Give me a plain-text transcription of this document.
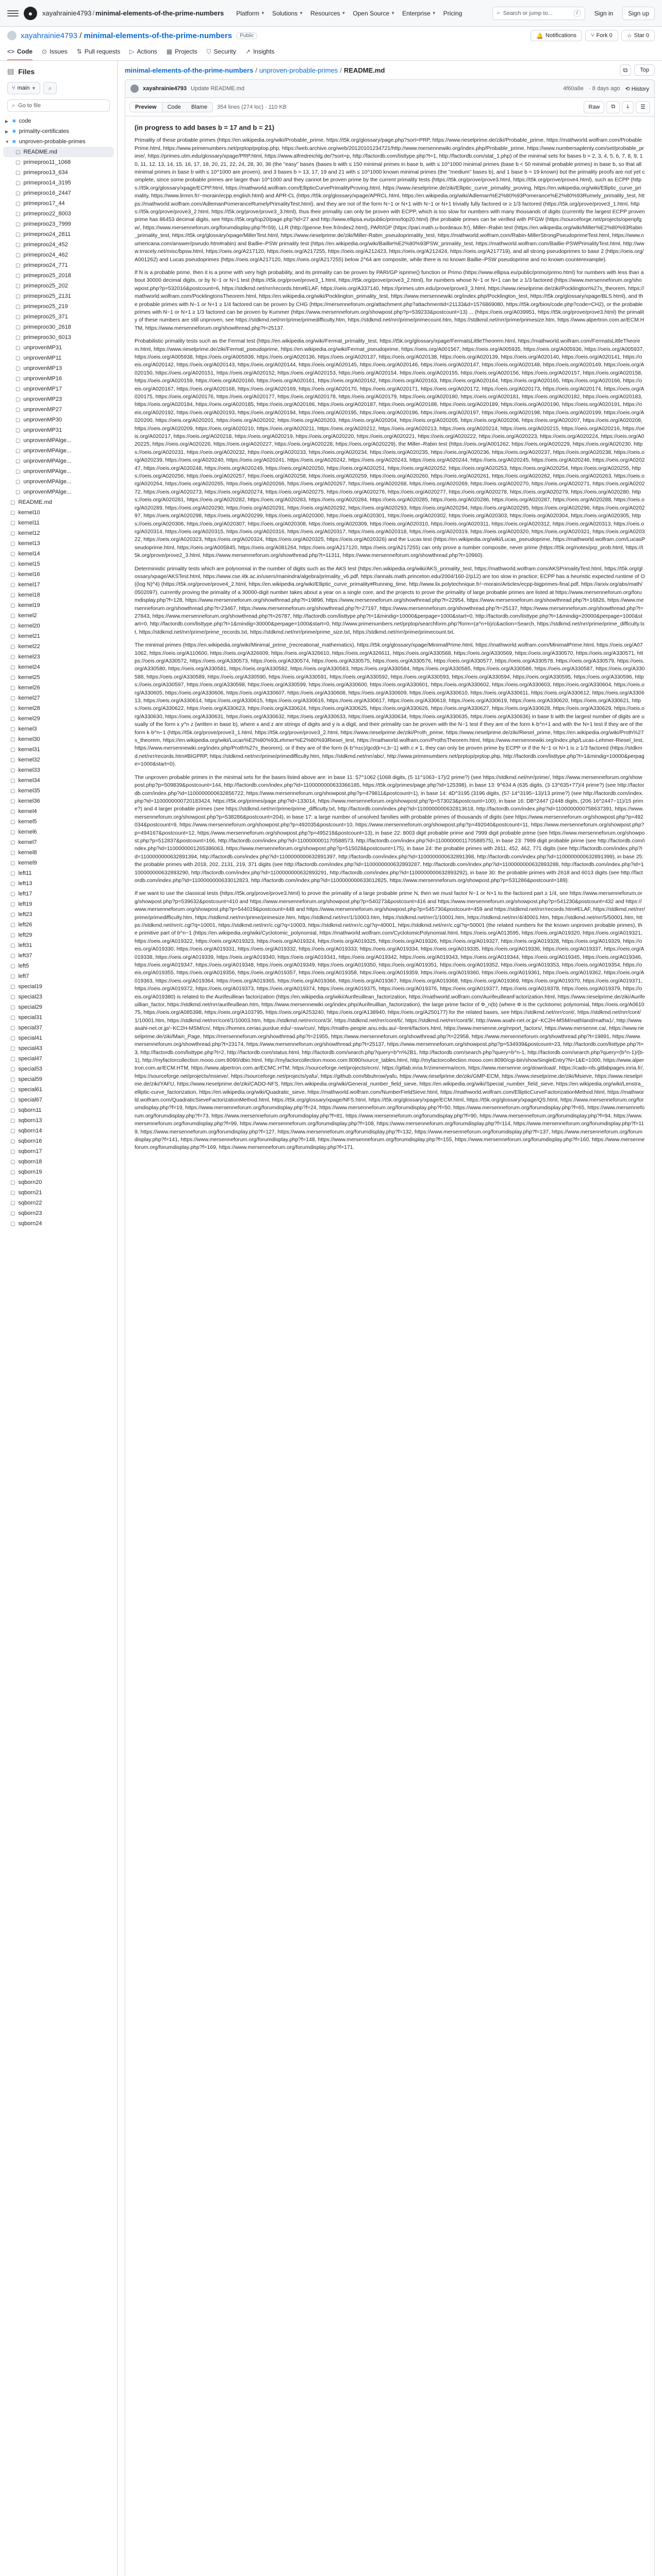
●	xayahrainie4793 / minimal-elements-of-the-prime-numbers Platform ▼ Solutions ▼ Resources ▼ Open Source ▼ Enterprise ▼ Pricing	⌕ Search or jump to...	/	Sign in	Sign up
xayahrainie4793 / minimal-elements-of-the-prime-numbers	Public	🔔 Notifications	⑂ Fork 0	☆ Star 0
<> Code ⊙ Issues ⇅ Pull requests ▷ Actions ▦ Projects ⛉ Security ↗ Insights
▤ Files
⑂ main ▼ ⌕
⌕ Go to file
▶ ■ code
▶ ■ primality-certificates
▼ ■ unproven-probable-primes
▢ README.md
▢ primeproo11_1068
▢ primeproo13_634
▢ primeproo14_3195
▢ primeproo16_2447
▢ primeproo17_44
▢ primeproo22_8003
▢ primeproo23_7999
▢ primeproo24_2811
▢ primeproo24_452
▢ primeproo24_462
▢ primeproo24_771
▢ primeproo25_2018
▢ primeproo25_202
▢ primeproo25_2131
▢ primeproo25_219
▢ primeproo25_371
▢ primeproo30_2618
▢ primeproo30_6013
▢ unprovenMP31
▢ unprovenMP11
▢ unprovenMP13
▢ unprovenMP16
▢ unprovenMP17
▢ unprovenMP23
▢ unprovenMP27
▢ unprovenMP30
▢ unprovenMP31
▢ unprovenMPAlge...
▢ unprovenMPAlge...
▢ unprovenMPAlge...
▢ unprovenMPAlge...
▢ unprovenMPAlge...
▢ unprovenMPAlge...
▢ README.md
▢ kernel10
▢ kernel11
▢ kernel12
▢ kernel13
▢ kernel14
▢ kernel15
▢ kernel16
▢ kernel17
▢ kernel18
▢ kernel19
▢ kernel2
▢ kernel20
▢ kernel21
▢ kernel22
▢ kernel23
▢ kernel24
▢ kernel25
▢ kernel26
▢ kernel27
▢ kernel28
▢ kernel29
▢ kernel3
▢ kernel30
▢ kernel31
▢ kernel32
▢ kernel33
▢ kernel34
▢ kernel35
▢ kernel36
▢ kernel4
▢ kernel5
▢ kernel6
▢ kernel7
▢ kernel8
▢ kernel9
▢ left11
▢ left13
▢ left17
▢ left19
▢ left23
▢ left26
▢ left29
▢ left31
▢ left37
▢ left5
▢ left7
▢ special19
▢ special23
▢ special29
▢ special31
▢ special37
▢ special41
▢ special43
▢ special47
▢ special53
▢ special59
▢ special61
▢ special67
▢ sqborn11
▢ sqborn13
▢ sqborn14
▢ sqborn16
▢ sqborn17
▢ sqborn18
▢ sqborn19
▢ sqborn20
▢ sqborn21
▢ sqborn22
▢ sqborn23
▢ sqborn24
minimal-elements-of-the-prime-numbers / unproven-probable-primes / README.md	⧉ Top
xayahrainie4793 Update README.md	4f60a8e · 8 days ago ⟲ History
Preview	Code	Blame	354 lines (274 loc) · 110 KB	Raw	⧉ ⤓ ☰
(in progress to add bases b = 17 and b = 21)

Primality of these probable primes (https://en.wikipedia.org/wiki/Probable_prime, https://t5k.org/glossary/page.php?sort=PRP, https://www.rieselprime.de/ziki/Probable_prime, https://mathworld.wolfram.com/ProbablePrime.html, https://www.primenumbers.net/prptop/prptop.php, https://web.archive.org/web/20120101234721/http://www.mersennewiki.org/index.php/Probable_prime, https://www.numbersaplenty.com/set/probable_prime/, https://primes.utm.edu/glossary/xpage/PRP.html, https://www.alfredreichlg.de/?sort=p, http://factordb.com/listtype.php?t=1, http://factordb.com/stat_1.php) of the minimal sets for bases b = 2, 3, 4, 5, 6, 7, 8, 9, 10, 11, 12, 13, 14, 15, 16, 17, 18, 20, 21, 22, 24, 28, 30, 36 (the "easy" bases (bases b with ≤ 150 minimal primes in base b, with ≤ 10^1000 minimal primes (base b < 50 minimal probable primes) in base b, so that all minimal primes in base b with ≤ 10^1000 are proven), and 3 bases b = 13, 17, 19 and 21 with ≤ 10^1000 known minimal primes (the "medium" bases b), and 1 base b = 19 known) but the primality proofs are not yet complete, since some probable primes are larger than 10^1000 and they cannot be proven prime by the current primality tests (https://t5k.org/prove/prove3.html, https://t5k.org/prove/prove4.html), such as ECPP (https://t5k.org/glossary/xpage/ECPP.html, https://mathworld.wolfram.com/EllipticCurvePrimalityProving.html, https://www.rieselprime.de/ziki/Elliptic_curve_primality_proving, https://en.wikipedia.org/wiki/Elliptic_curve_primality, https://www.lirmm.fr/~morain/ecpp.english.html) and APR-CL (https://t5k.org/glossary/xpage/APRCL.html, https://en.wikipedia.org/wiki/Adleman%E2%80%93Pomerance%E2%80%93Rumely_primality_test, https://mathworld.wolfram.com/AdlemanPomeranceRumelyPrimalityTest.html), and they are not of the form N−1 or N+1 with N−1 or N+1 trivially fully factored or ≥ 1/3 factored (https://t5k.org/prove/prove3_1.html, https://t5k.org/prove/prove3_2.html, https://t5k.org/prove/prove3_3.html), thus their primality can only be proven with ECPP, which is too slow for numbers with many thousands of digits (currently the largest ECPP proven prime has 86453 decimal digits, see https://t5k.org/top20/page.php?id=27 and http://www.ellipsa.eu/public/primo/top20.html) (the probable primes can be verified with PFGW (https://sourceforge.net/projects/openpfgw/, https://www.mersenneforum.org/forumdisplay.php?f=59), LLR (http://jpenne.free.fr/index2.html), PARI/GP (https://pari.math.u-bordeaux.fr/), Miller–Rabin test (https://en.wikipedia.org/wiki/Miller%E2%80%93Rabin_primality_test, https://t5k.org/glossary/xpage/MillerTest.html, https://www.rieselprime.de/ziki/Miller-Rabin_pseudoprimality_test, https://mathworld.wolfram.com/Rabin-MillerStrongPseudoprimeTest.html, https://www.numericana.com/answer/pseudo.htm#rabin) and Baillie–PSW primality test (https://en.wikipedia.org/wiki/Baillie%E2%80%93PSW_primality_test, https://mathworld.wolfram.com/Baillie-PSWPrimalityTest.html, http://www.trnicely.net/misc/bpsw.html, https://oeis.org/A217120, https://oeis.org/A217255, https://oeis.org/A212423, https://oeis.org/A212424, https://oeis.org/A217719), and all strong pseudoprimes to base 2 (https://oeis.org/A001262) and Lucas pseudoprimes (https://oeis.org/A217120, https://oeis.org/A217255) below 2^64 are composite, while there is no known Baillie–PSW pseudoprime and no known counterexample).

If N is a probable prime, then it is a prime with very high probability, and its primality can be proven by PARI/GP isprime() function or Primo (https://www.ellipsa.eu/public/primo/primo.html) for numbers with less than about 30000 decimal digits, or by N−1 or N+1 test (https://t5k.org/prove/prove3_1.html, https://t5k.org/prove/prove3_2.html), for numbers whose N−1 or N+1 can be ≥ 1/3 factored (https://www.mersenneforum.org/showpost.php?p=532016&postcount=6, https://stdkmd.net/nrr/records.htm#ELAF, https://oeis.org/A337140, https://primes.utm.edu/prove/prove3_3.html, https://www.rieselprime.de/ziki/Pocklington%27s_theorem, https://mathworld.wolfram.com/PocklingtonsTheorem.html, https://en.wikipedia.org/wiki/Pocklington_primality_test, https://www.mersennewiki.org/index.php/Pocklington_test, https://t5k.org/glossary/xpage/BLS.html), and the probable primes with N−1 or N+1 ≥ 1/4 factored can be proven by CHG (https://mersenneforum.org/attachment.php?attachmentid=21133&d=1576869080, https://t5k.org/bios/code.php?code=CH2), or the probable primes with N−1 or N+1 ≥ 1/3 factored can be proven by Kummer (https://www.mersenneforum.org/showpost.php?p=539233&postcount=13) ... (https://oeis.org/A039951, https://t5k.org/prove/prove3.html) the primality of these numbers are still unproven, see https://stdkmd.net/nrr/prime/primedifficulty.htm, https://stdkmd.net/nrr/prime/primecount.htm, https://stdkmd.net/nrr/prime/primesize.htm, https://www.alpertron.com.ar/ECM.HTM, https://www.mersenneforum.org/showthread.php?t=25137.

Probabilistic primality tests such as the Fermat test (https://en.wikipedia.org/wiki/Fermat_primality_test, https://t5k.org/glossary/xpage/FermatsLittleTheorem.html, https://mathworld.wolfram.com/FermatsLittleTheorem.html, https://www.rieselprime.de/ziki/Fermat_pseudoprime, https://en.wikipedia.org/wiki/Fermat_pseudoprime, https://oeis.org/A001567, https://oeis.org/A005935, https://oeis.org/A005936, https://oeis.org/A005937, https://oeis.org/A005938, https://oeis.org/A005939, https://oeis.org/A020136, https://oeis.org/A020137, https://oeis.org/A020138, https://oeis.org/A020139, https://oeis.org/A020140, https://oeis.org/A020141, https://oeis.org/A020142, https://oeis.org/A020143, https://oeis.org/A020144, https://oeis.org/A020145, https://oeis.org/A020146, https://oeis.org/A020147, https://oeis.org/A020148, https://oeis.org/A020149, https://oeis.org/A020150, https://oeis.org/A020151, https://oeis.org/A020152, https://oeis.org/A020153, https://oeis.org/A020154, https://oeis.org/A020155, https://oeis.org/A020156, https://oeis.org/A020157, https://oeis.org/A020158, https://oeis.org/A020159, https://oeis.org/A020160, https://oeis.org/A020161, https://oeis.org/A020162, https://oeis.org/A020163, https://oeis.org/A020164, https://oeis.org/A020165, https://oeis.org/A020166, https://oeis.org/A020167, https://oeis.org/A020168, https://oeis.org/A020169, https://oeis.org/A020170, https://oeis.org/A020171, https://oeis.org/A020172, https://oeis.org/A020173, https://oeis.org/A020174, https://oeis.org/A020175, https://oeis.org/A020176, https://oeis.org/A020177, https://oeis.org/A020178, https://oeis.org/A020179, https://oeis.org/A020180, https://oeis.org/A020181, https://oeis.org/A020182, https://oeis.org/A020183, https://oeis.org/A020184, https://oeis.org/A020185, https://oeis.org/A020186, https://oeis.org/A020187, https://oeis.org/A020188, https://oeis.org/A020189, https://oeis.org/A020190, https://oeis.org/A020191, https://oeis.org/A020192, https://oeis.org/A020193, https://oeis.org/A020194, https://oeis.org/A020195, https://oeis.org/A020196, https://oeis.org/A020197, https://oeis.org/A020198, https://oeis.org/A020199, https://oeis.org/A020200, https://oeis.org/A020201, https://oeis.org/A020202, https://oeis.org/A020203, https://oeis.org/A020204, https://oeis.org/A020205, https://oeis.org/A020206, https://oeis.org/A020207, https://oeis.org/A020208, https://oeis.org/A020209, https://oeis.org/A020210, https://oeis.org/A020211, https://oeis.org/A020212, https://oeis.org/A020213, https://oeis.org/A020214, https://oeis.org/A020215, https://oeis.org/A020216, https://oeis.org/A020217, https://oeis.org/A020218, https://oeis.org/A020219, https://oeis.org/A020220, https://oeis.org/A020221, https://oeis.org/A020222, https://oeis.org/A020223, https://oeis.org/A020224, https://oeis.org/A020225, https://oeis.org/A020226, https://oeis.org/A020227, https://oeis.org/A020228, https://oeis.org/A020229), the Miller–Rabin test (https://oeis.org/A001262, https://oeis.org/A020229, https://oeis.org/A020230, https://oeis.org/A020231, https://oeis.org/A020232, https://oeis.org/A020233, https://oeis.org/A020234, https://oeis.org/A020235, https://oeis.org/A020236, https://oeis.org/A020237, https://oeis.org/A020238, https://oeis.org/A020239, https://oeis.org/A020240, https://oeis.org/A020241, https://oeis.org/A020242, https://oeis.org/A020243, https://oeis.org/A020244, https://oeis.org/A020245, https://oeis.org/A020246, https://oeis.org/A020247, https://oeis.org/A020248, https://oeis.org/A020249, https://oeis.org/A020250, https://oeis.org/A020251, https://oeis.org/A020252, https://oeis.org/A020253, https://oeis.org/A020254, https://oeis.org/A020255, https://oeis.org/A020256, https://oeis.org/A020257, https://oeis.org/A020258, https://oeis.org/A020259, https://oeis.org/A020260, https://oeis.org/A020261, https://oeis.org/A020262, https://oeis.org/A020263, https://oeis.org/A020264, https://oeis.org/A020265, https://oeis.org/A020266, https://oeis.org/A020267, https://oeis.org/A020268, https://oeis.org/A020269, https://oeis.org/A020270, https://oeis.org/A020271, https://oeis.org/A020272, https://oeis.org/A020273, https://oeis.org/A020274, https://oeis.org/A020275, https://oeis.org/A020276, https://oeis.org/A020277, https://oeis.org/A020278, https://oeis.org/A020279, https://oeis.org/A020280, https://oeis.org/A020281, https://oeis.org/A020282, https://oeis.org/A020283, https://oeis.org/A020284, https://oeis.org/A020285, https://oeis.org/A020286, https://oeis.org/A020287, https://oeis.org/A020288, https://oeis.org/A020289, https://oeis.org/A020290, https://oeis.org/A020291, https://oeis.org/A020292, https://oeis.org/A020293, https://oeis.org/A020294, https://oeis.org/A020295, https://oeis.org/A020296, https://oeis.org/A020297, https://oeis.org/A020298, https://oeis.org/A020299, https://oeis.org/A020300, https://oeis.org/A020301, https://oeis.org/A020302, https://oeis.org/A020303, https://oeis.org/A020304, https://oeis.org/A020305, https://oeis.org/A020306, https://oeis.org/A020307, https://oeis.org/A020308, https://oeis.org/A020309, https://oeis.org/A020310, https://oeis.org/A020311, https://oeis.org/A020312, https://oeis.org/A020313, https://oeis.org/A020314, https://oeis.org/A020315, https://oeis.org/A020316, https://oeis.org/A020317, https://oeis.org/A020318, https://oeis.org/A020319, https://oeis.org/A020320, https://oeis.org/A020321, https://oeis.org/A020322, https://oeis.org/A020323, https://oeis.org/A020324, https://oeis.org/A020325, https://oeis.org/A020326) and the Lucas test (https://en.wikipedia.org/wiki/Lucas_pseudoprime, https://mathworld.wolfram.com/LucasPseudoprime.html, https://oeis.org/A005845, https://oeis.org/A081264, https://oeis.org/A217120, https://oeis.org/A217255) can only prove a number composite, never prime (https://t5k.org/notes/prp_prob.html, https://t5k.org/prove/prove2_3.html, https://www.mersenneforum.org/showthread.php?t=11311, https://www.mersenneforum.org/showthread.php?t=10960).

Deterministic primality tests which are polynomial in the number of digits such as the AKS test (https://en.wikipedia.org/wiki/AKS_primality_test, https://mathworld.wolfram.com/AKSPrimalityTest.html, https://t5k.org/glossary/xpage/AKSTest.html, https://www.cse.iitk.ac.in/users/manindra/algebra/primality_v6.pdf, https://annals.math.princeton.edu/2004/160-2/p12) are too slow in practice; ECPP has a heuristic expected runtime of O((log N)^4) (https://t5k.org/prove/prove4_2.html, https://en.wikipedia.org/wiki/Elliptic_curve_primality#Running_time, http://www.lix.polytechnique.fr/~morain/Articles/ecpp-bigprimes-final.pdf, https://arxiv.org/abs/math/0502097), currently proving the primality of a 30000-digit number takes about a year on a single core, and the projects to prove the primality of large probable primes are listed at https://www.mersenneforum.org/forumdisplay.php?f=128, https://www.mersenneforum.org/showthread.php?t=19896, https://www.mersenneforum.org/showthread.php?t=22954, https://www.mersenneforum.org/showthread.php?t=16826, https://www.mersenneforum.org/showthread.php?t=23467, https://www.mersenneforum.org/showthread.php?t=27197, https://www.mersenneforum.org/showthread.php?t=25137, https://www.mersenneforum.org/showthread.php?t=27843, https://www.mersenneforum.org/showthread.php?t=26787, http://factordb.com/listtype.php?t=1&mindig=10000&perpage=1000&start=0, http://factordb.com/listtype.php?t=1&mindig=20000&perpage=1000&start=0, http://factordb.com/listtype.php?t=1&mindig=30000&perpage=1000&start=0, http://www.primenumbers.net/prptop/searchform.php?form=(a^n+b)/c&action=Search, https://stdkmd.net/nrr/prime/prime_difficulty.txt, https://stdkmd.net/nrr/prime/prime_records.txt, https://stdkmd.net/nrr/prime/prime_size.txt, https://stdkmd.net/nrr/prime/primecount.txt.

The minimal primes (https://en.wikipedia.org/wiki/Minimal_prime_(recreational_mathematics), https://t5k.org/glossary/xpage/MinimalPrime.html, https://mathworld.wolfram.com/MinimalPrime.html, https://oeis.org/A071062, https://oeis.org/A110600, https://oeis.org/A326609, https://oeis.org/A326610, https://oeis.org/A326611, https://oeis.org/A330568, https://oeis.org/A330569, https://oeis.org/A330570, https://oeis.org/A330571, https://oeis.org/A330572, https://oeis.org/A330573, https://oeis.org/A330574, https://oeis.org/A330575, https://oeis.org/A330576, https://oeis.org/A330577, https://oeis.org/A330578, https://oeis.org/A330579, https://oeis.org/A330580, https://oeis.org/A330581, https://oeis.org/A330582, https://oeis.org/A330583, https://oeis.org/A330584, https://oeis.org/A330585, https://oeis.org/A330586, https://oeis.org/A330587, https://oeis.org/A330588, https://oeis.org/A330589, https://oeis.org/A330590, https://oeis.org/A330591, https://oeis.org/A330592, https://oeis.org/A330593, https://oeis.org/A330594, https://oeis.org/A330595, https://oeis.org/A330596, https://oeis.org/A330597, https://oeis.org/A330598, https://oeis.org/A330599, https://oeis.org/A330600, https://oeis.org/A330601, https://oeis.org/A330602, https://oeis.org/A330603, https://oeis.org/A330604, https://oeis.org/A330605, https://oeis.org/A330606, https://oeis.org/A330607, https://oeis.org/A330608, https://oeis.org/A330609, https://oeis.org/A330610, https://oeis.org/A330611, https://oeis.org/A330612, https://oeis.org/A330613, https://oeis.org/A330614, https://oeis.org/A330615, https://oeis.org/A330616, https://oeis.org/A330617, https://oeis.org/A330618, https://oeis.org/A330619, https://oeis.org/A330620, https://oeis.org/A330621, https://oeis.org/A330622, https://oeis.org/A330623, https://oeis.org/A330624, https://oeis.org/A330625, https://oeis.org/A330626, https://oeis.org/A330627, https://oeis.org/A330628, https://oeis.org/A330629, https://oeis.org/A330630, https://oeis.org/A330631, https://oeis.org/A330632, https://oeis.org/A330633, https://oeis.org/A330634, https://oeis.org/A330635, https://oeis.org/A330636) in base b with the largest number of digits are usually of the form x y^n z (written in base b), where x and z are strings of digits and y is a digit, and their primality can be proven with the N−1 test if they are of the form k·b^n+1 and with the N+1 test if they are of the form k·b^n−1 (https://t5k.org/prove/prove3_1.html, https://t5k.org/prove/prove3_2.html, https://www.rieselprime.de/ziki/Proth_prime, https://www.rieselprime.de/ziki/Riesel_prime, https://en.wikipedia.org/wiki/Proth%27s_theorem, https://en.wikipedia.org/wiki/Lucas%E2%80%93Lehmer%E2%80%93Riesel_test, https://mathworld.wolfram.com/ProthsTheorem.html, https://www.mersennewiki.org/index.php/Lucas-Lehmer-Riesel_test, https://www.mersennewiki.org/index.php/Proth%27s_theorem), or if they are of the form (k·b^n±c)/gcd(k+c,b−1) with c ≠ 1, they can only be proven prime by ECPP or if the N−1 or N+1 is ≥ 1/3 factored (https://stdkmd.net/nrr/records.htm#BIGPRP, https://stdkmd.net/nrr/prime/primedifficulty.htm, https://stdkmd.net/nrr/abc/, http://www.primenumbers.net/prptop/prptop.php, http://factordb.com/listtype.php?t=1&mindig=10000&perpage=1000&start=0).

The unproven probable primes in the minimal sets for the bases listed above are: in base 11: 57^1062 (1068 digits, (5·11^1063−17)/2 prime?) (see https://stdkmd.net/nrr/prime/, https://www.mersenneforum.org/showpost.php?p=509839&postcount=144, http://factordb.com/index.php?id=1100000000633366185, https://t5k.org/primes/page.php?id=125398), in base 13: 9^634 A (635 digits, (3·13^635+77)/4 prime?) (see http://factordb.com/index.php?id=1100000000632856722, https://www.mersenneforum.org/showpost.php?p=479811&postcount=1), in base 14: 4D^3195 (3196 digits, (57·14^3195−13)/13 prime?) (see http://factordb.com/index.php?id=1100000000720183424, https://t5k.org/primes/page.php?id=133014, https://www.mersenneforum.org/showpost.php?p=573023&postcount=100), in base 16: DB^2447 (2448 digits, (206·16^2447−11)/15 prime?) and 4 larger probable primes (see https://stdkmd.net/nrr/prime/prime_difficulty.txt, http://factordb.com/index.php?id=1100000000632813618, http://factordb.com/index.php?id=1100000000758637391, https://www.mersenneforum.org/showpost.php?p=538286&postcount=204), in base 17: a large number of unsolved families with probable primes of thousands of digits (see https://www.mersenneforum.org/showpost.php?p=492034&postcount=9, https://www.mersenneforum.org/showpost.php?p=492035&postcount=10, https://www.mersenneforum.org/showpost.php?p=492040&postcount=11, https://www.mersenneforum.org/showpost.php?p=494167&postcount=12, https://www.mersenneforum.org/showpost.php?p=495218&postcount=13), in base 22: 8003 digit probable prime and 7999 digit probable prime (see https://www.mersenneforum.org/showpost.php?p=512837&postcount=166, http://factordb.com/index.php?id=1100000001170588573, http://factordb.com/index.php?id=1100000001170588575), in base 23: 7999 digit probable prime (see http://factordb.com/index.php?id=1100000001265386063, https://www.mersenneforum.org/showpost.php?p=515028&postcount=175), in base 24: the probable primes with 2811, 452, 462, 771 digits (see http://factordb.com/index.php?id=1100000000632891394, http://factordb.com/index.php?id=1100000000632891397, http://factordb.com/index.php?id=1100000000632891398, http://factordb.com/index.php?id=1100000000632891399), in base 25: the probable primes with 2018, 202, 2131, 219, 371 digits (see http://factordb.com/index.php?id=1100000000632893287, http://factordb.com/index.php?id=1100000000632893288, http://factordb.com/index.php?id=1100000000632893290, http://factordb.com/index.php?id=1100000000632893291, http://factordb.com/index.php?id=1100000000632893292), in base 30: the probable primes with 2618 and 6013 digits (see http://factordb.com/index.php?id=1100000000633012823, http://factordb.com/index.php?id=1100000000633012825, https://www.mersenneforum.org/showpost.php?p=531286&postcount=189).

If we want to use the classical tests (https://t5k.org/prove/prove3.html) to prove the primality of a large probable prime N, then we must factor N−1 or N+1 to the factored part ≥ 1/4, see https://www.mersenneforum.org/showpost.php?p=539632&postcount=410 and https://www.mersenneforum.org/showpost.php?p=540273&postcount=416 and https://www.mersenneforum.org/showpost.php?p=541230&postcount=432 and https://www.mersenneforum.org/showpost.php?p=544019&postcount=448 and https://www.mersenneforum.org/showpost.php?p=545730&postcount=459 and https://stdkmd.net/nrr/records.htm#ELAF, https://stdkmd.net/nrr/prime/primedifficulty.htm, https://stdkmd.net/nrr/prime/primesize.htm, https://stdkmd.net/nrr/1/10003.htm, https://stdkmd.net/nrr/1/10001.htm, https://stdkmd.net/nrr/4/40001.htm, https://stdkmd.net/nrr/5/50001.htm, https://stdkmd.net/nrr/c.cgi?q=10001, https://stdkmd.net/nrr/c.cgi?q=10003, https://stdkmd.net/nrr/c.cgi?q=40001, https://stdkmd.net/nrr/c.cgi?q=50001 (the related numbers for the known unproven probable primes), the primitive part of b^n−1 (https://en.wikipedia.org/wiki/Cyclotomic_polynomial, https://mathworld.wolfram.com/CyclotomicPolynomial.html, https://oeis.org/A013595, https://oeis.org/A019320, https://oeis.org/A019321, https://oeis.org/A019322, https://oeis.org/A019323, https://oeis.org/A019324, https://oeis.org/A019325, https://oeis.org/A019326, https://oeis.org/A019327, https://oeis.org/A019328, https://oeis.org/A019329, https://oeis.org/A019330, https://oeis.org/A019331, https://oeis.org/A019332, https://oeis.org/A019333, https://oeis.org/A019334, https://oeis.org/A019335, https://oeis.org/A019336, https://oeis.org/A019337, https://oeis.org/A019338, https://oeis.org/A019339, https://oeis.org/A019340, https://oeis.org/A019341, https://oeis.org/A019342, https://oeis.org/A019343, https://oeis.org/A019344, https://oeis.org/A019345, https://oeis.org/A019346, https://oeis.org/A019347, https://oeis.org/A019348, https://oeis.org/A019349, https://oeis.org/A019350, https://oeis.org/A019351, https://oeis.org/A019352, https://oeis.org/A019353, https://oeis.org/A019354, https://oeis.org/A019355, https://oeis.org/A019356, https://oeis.org/A019357, https://oeis.org/A019358, https://oeis.org/A019359, https://oeis.org/A019360, https://oeis.org/A019361, https://oeis.org/A019362, https://oeis.org/A019363, https://oeis.org/A019364, https://oeis.org/A019365, https://oeis.org/A019366, https://oeis.org/A019367, https://oeis.org/A019368, https://oeis.org/A019369, https://oeis.org/A019370, https://oeis.org/A019371, https://oeis.org/A019372, https://oeis.org/A019373, https://oeis.org/A019374, https://oeis.org/A019375, https://oeis.org/A019376, https://oeis.org/A019377, https://oeis.org/A019378, https://oeis.org/A019379, https://oeis.org/A019380) is related to the Aurifeuillean factorization (https://en.wikipedia.org/wiki/Aurifeuillean_factorization, https://mathworld.wolfram.com/AurifeuilleanFactorization.html, https://www.rieselprime.de/ziki/Aurifeuillian_factor, https://stdkmd.net/nrr/aurifeuillean.htm, https://www.mersennewiki.org/index.php/Aurifeuillian_factorization), the large prime factor of Φ_n(b) (where Φ is the cyclotomic polynomial, https://oeis.org/A061075, https://oeis.org/A085398, https://oeis.org/A103795, https://oeis.org/A253240, https://oeis.org/A138940, https://oeis.org/A250177) for the related bases, see https://stdkmd.net/nrr/cont/, https://stdkmd.net/nrr/cont/1/10001.htm, https://stdkmd.net/nrr/cont/1/10003.htm, https://stdkmd.net/nrr/cont/3/, https://stdkmd.net/nrr/cont/6/, https://stdkmd.net/nrr/cont/9/, http://www.asahi-net.or.jp/~KC2H-MSM/mathland/matha1/, http://www.asahi-net.or.jp/~KC2H-MSM/cn/, https://homes.cerias.purdue.edu/~ssw/cun/, https://maths-people.anu.edu.au/~brent/factors.html, https://www.mersenne.org/report_factors/, https://www.mersenne.ca/, https://www.rieselprime.de/ziki/Main_Page, https://mersenneforum.org/showthread.php?t=21955, https://www.mersenneforum.org/showthread.php?t=22958, https://www.mersenneforum.org/showthread.php?t=19891, https://www.mersenneforum.org/showthread.php?t=23174, https://www.mersenneforum.org/showthread.php?t=25137, https://www.mersenneforum.org/showpost.php?p=534939&postcount=23, http://factordb.com/listtype.php?t=3, http://factordb.com/listtype.php?t=2, http://factordb.com/status.html, http://factordb.com/search.php?query=b^n%2B1, http://factordb.com/search.php?query=b^n-1, http://factordb.com/search.php?query=(b^n-1)/(b-1), http://myfactorcollection.mooo.com:8090/dbio.html, http://myfactorcollection.mooo.com:8090/source_tables.html, http://myfactorcollection.mooo.com:8090/cgi-bin/showSingleEntry?N=1&E=1000, https://www.alpertron.com.ar/ECM.HTM, https://www.alpertron.com.ar/ECMC.HTM, https://sourceforge.net/projects/ecm/, https://gitlab.inria.fr/zimmerma/ecm, https://www.mersenne.org/download/, https://cado-nfs.gitlabpages.inria.fr/, https://sourceforge.net/projects/msieve/, https://sourceforge.net/projects/yafu/, https://github.com/bbuhrow/yafu, https://www.rieselprime.de/ziki/GMP-ECM, https://www.rieselprime.de/ziki/Msieve, https://www.rieselprime.de/ziki/YAFU, https://www.rieselprime.de/ziki/CADO-NFS, https://en.wikipedia.org/wiki/General_number_field_sieve, https://en.wikipedia.org/wiki/Special_number_field_sieve, https://en.wikipedia.org/wiki/Lenstra_elliptic-curve_factorization, https://en.wikipedia.org/wiki/Quadratic_sieve, https://mathworld.wolfram.com/NumberFieldSieve.html, https://mathworld.wolfram.com/EllipticCurveFactorizationMethod.html, https://mathworld.wolfram.com/QuadraticSieveFactorizationMethod.html, https://t5k.org/glossary/xpage/NFS.html, https://t5k.org/glossary/xpage/ECM.html, https://t5k.org/glossary/xpage/QS.html, https://www.mersenneforum.org/forumdisplay.php?f=19, https://www.mersenneforum.org/forumdisplay.php?f=24, https://www.mersenneforum.org/forumdisplay.php?f=50, https://www.mersenneforum.org/forumdisplay.php?f=65, https://www.mersenneforum.org/forumdisplay.php?f=73, https://www.mersenneforum.org/forumdisplay.php?f=81, https://www.mersenneforum.org/forumdisplay.php?f=90, https://www.mersenneforum.org/forumdisplay.php?f=94, https://www.mersenneforum.org/forumdisplay.php?f=99, https://www.mersenneforum.org/forumdisplay.php?f=108, https://www.mersenneforum.org/forumdisplay.php?f=114, https://www.mersenneforum.org/forumdisplay.php?f=119, https://www.mersenneforum.org/forumdisplay.php?f=127, https://www.mersenneforum.org/forumdisplay.php?f=132, https://www.mersenneforum.org/forumdisplay.php?f=137, https://www.mersenneforum.org/forumdisplay.php?f=141, https://www.mersenneforum.org/forumdisplay.php?f=148, https://www.mersenneforum.org/forumdisplay.php?f=155, https://www.mersenneforum.org/forumdisplay.php?f=160, https://www.mersenneforum.org/forumdisplay.php?f=169, https://www.mersenneforum.org/forumdisplay.php?f=171.
